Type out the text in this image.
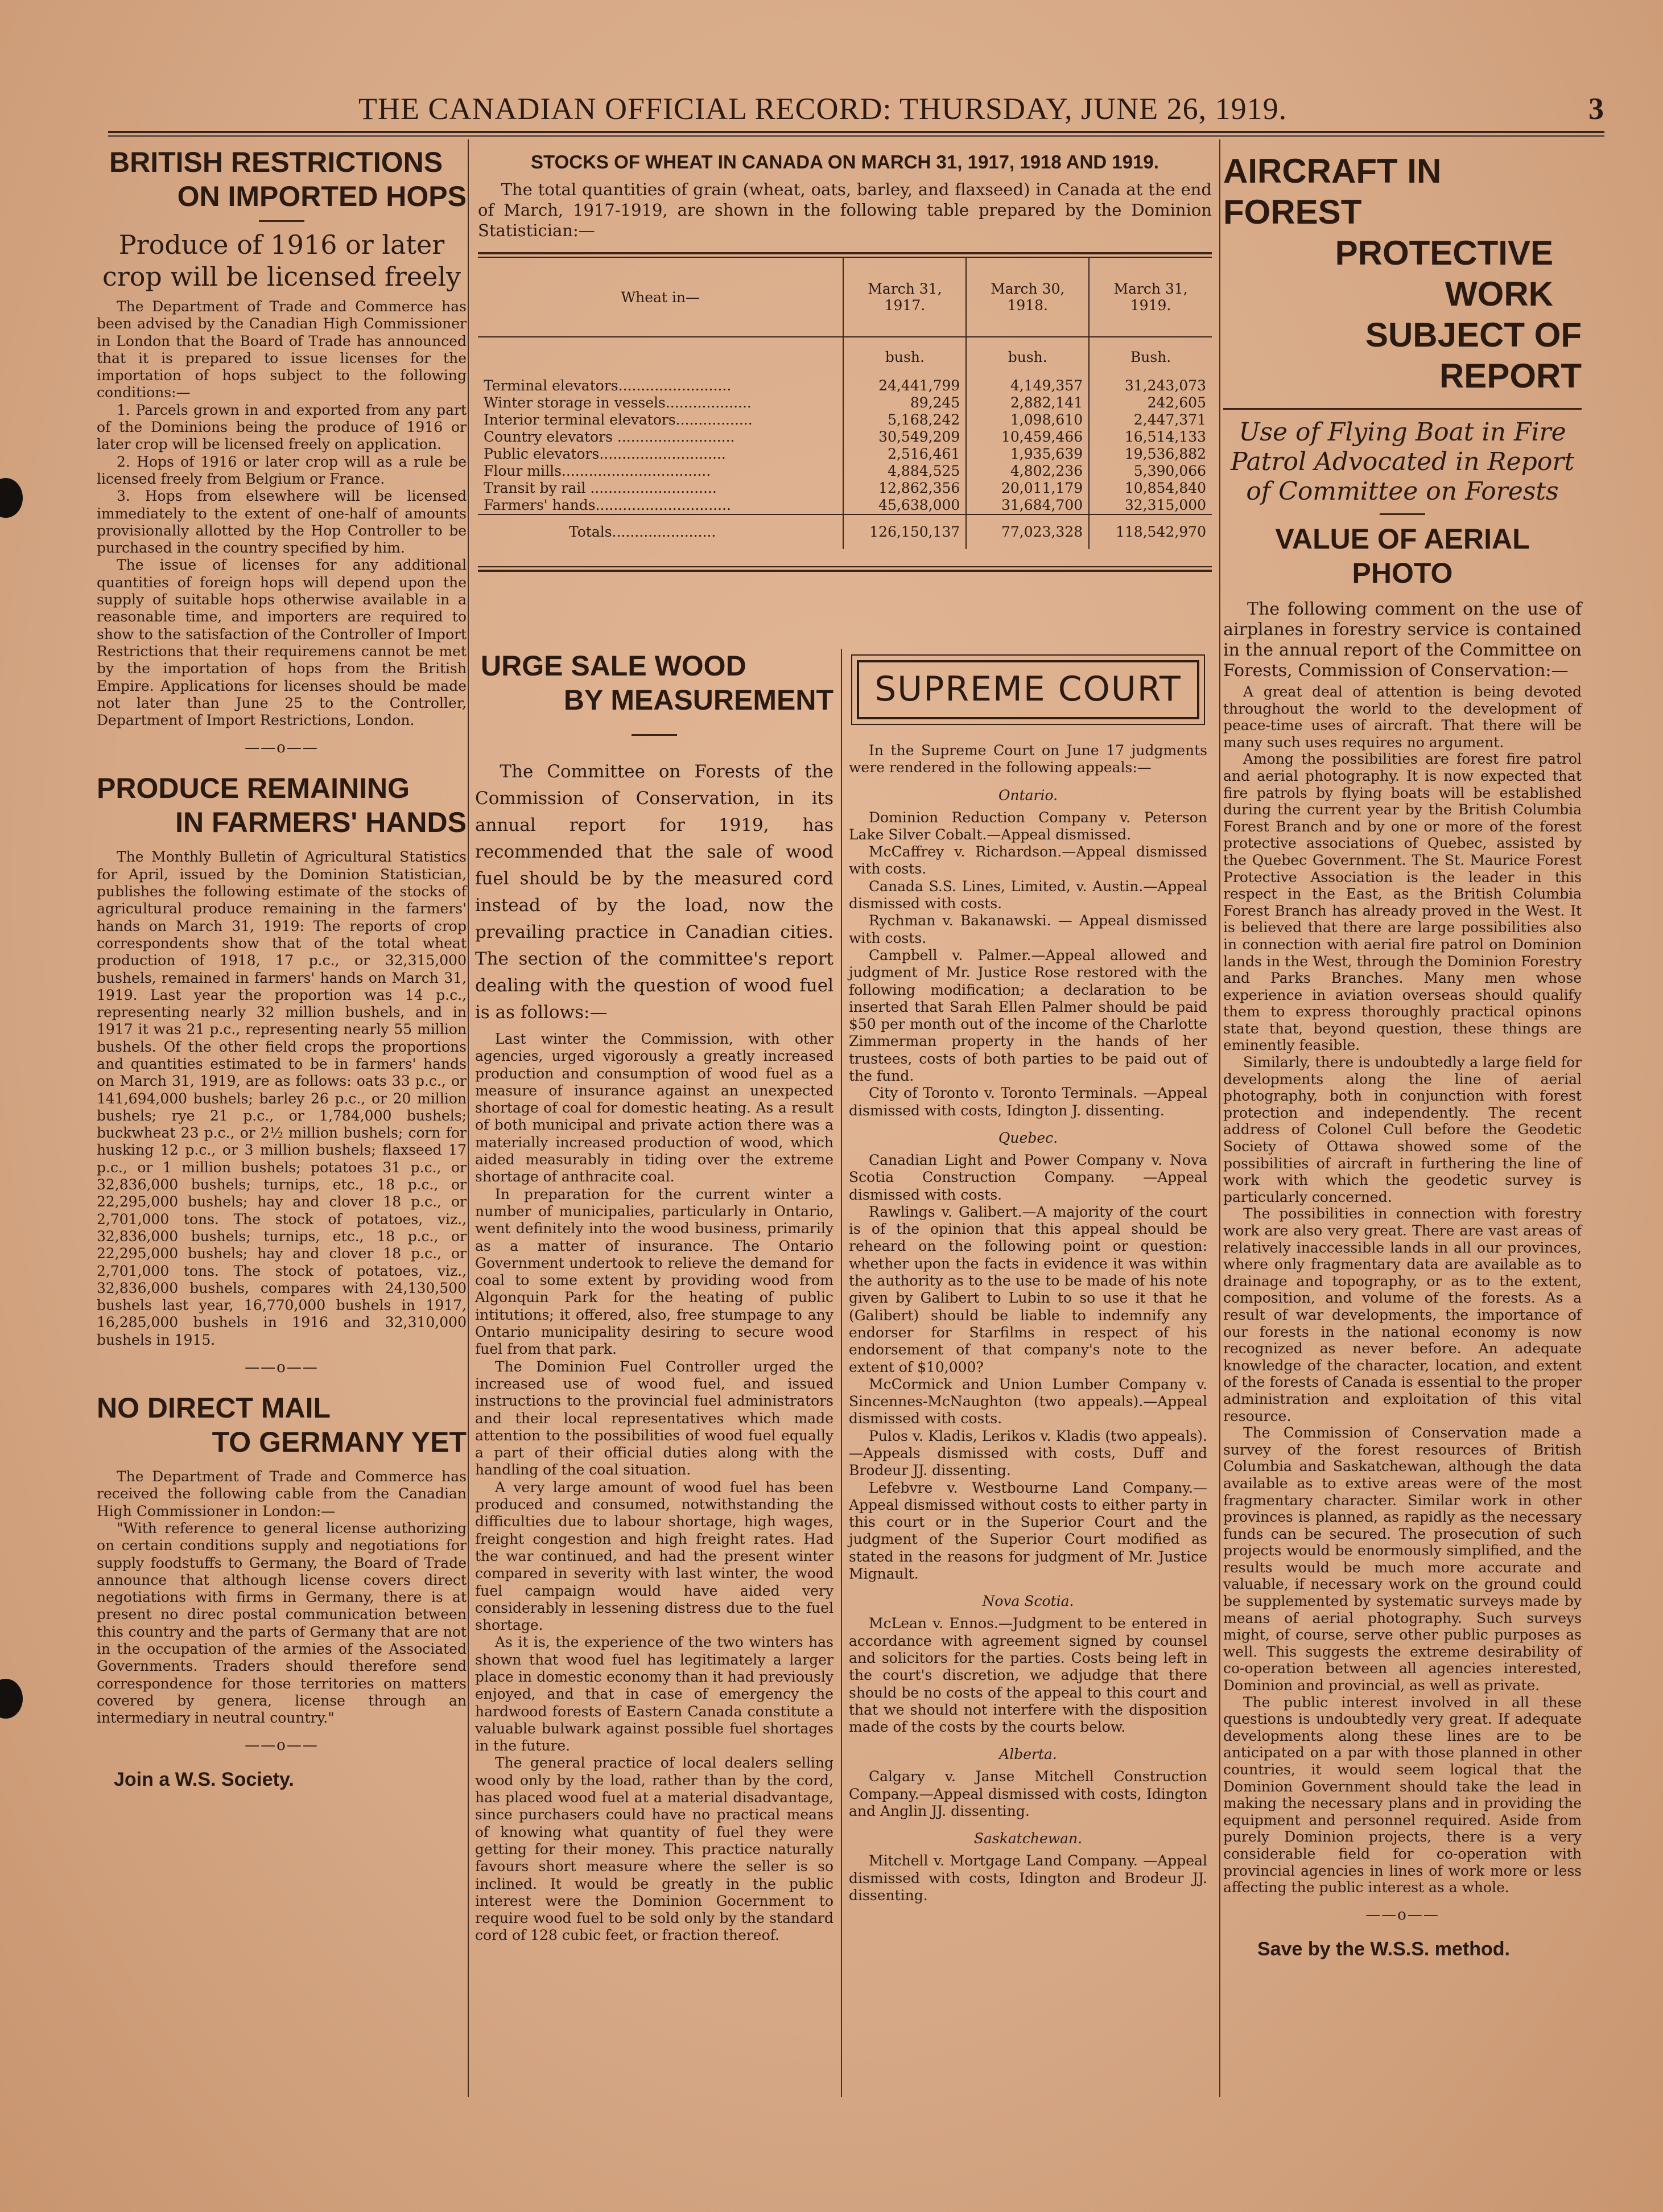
THE CANADIAN OFFICIAL RECORD: THURSDAY, JUNE 26, 1919.	3
BRITISH RESTRICTIONS
ON IMPORTED HOPS
Produce of 1916 or later crop will be licensed freely

The Department of Trade and Commerce has been advised by the Canadian High Commissioner in London that the Board of Trade has announced that it is prepared to issue licenses for the importation of hops subject to the following conditions:—

1. Parcels grown in and exported from any part of the Dominions being the produce of 1916 or later crop will be licensed freely on application.

2. Hops of 1916 or later crop will as a rule be licensed freely from Belgium or France.

3. Hops from elsewhere will be licensed immediately to the extent of one-half of amounts provisionally allotted by the Hop Controller to be purchased in the country specified by him.

The issue of licenses for any additional quantities of foreign hops will depend upon the supply of suitable hops otherwise available in a reasonable time, and importers are required to show to the satisfaction of the Controller of Import Restrictions that their requiremens cannot be met by the importation of hops from the British Empire. Applications for licenses should be made not later than June 25 to the Controller, Department of Import Restrictions, London.

——o——
PRODUCE REMAINING
IN FARMERS' HANDS

The Monthly Bulletin of Agricultural Statistics for April, issued by the Dominion Statistician, publishes the following estimate of the stocks of agricultural produce remaining in the farmers' hands on March 31, 1919: The reports of crop correspondents show that of the total wheat production of 1918, 17 p.c., or 32,315,000 bushels, remained in farmers' hands on March 31, 1919. Last year the proportion was 14 p.c., representing nearly 32 million bushels, and in 1917 it was 21 p.c., representing nearly 55 million bushels. Of the other field crops the proportions and quantities estimated to be in farmers' hands on March 31, 1919, are as follows: oats 33 p.c., or 141,694,000 bushels; barley 26 p.c., or 20 million bushels; rye 21 p.c., or 1,784,000 bushels; buckwheat 23 p.c., or 2½ million bushels; corn for husking 12 p.c., or 3 million bushels; flaxseed 17 p.c., or 1 million bushels; potatoes 31 p.c., or 32,836,000 bushels; turnips, etc., 18 p.c., or 22,295,000 bushels; hay and clover 18 p.c., or 2,701,000 tons. The stock of potatoes, viz., 32,836,000 bushels; turnips, etc., 18 p.c., or 22,295,000 bushels; hay and clover 18 p.c., or 2,701,000 tons. The stock of potatoes, viz., 32,836,000 bushels, compares with 24,130,500 bushels last year, 16,770,000 bushels in 1917, 16,285,000 bushels in 1916 and 32,310,000 bushels in 1915.

——o——
NO DIRECT MAIL
TO GERMANY YET

The Department of Trade and Commerce has received the following cable from the Canadian High Commissioner in London:—

"With reference to general license authorizing on certain conditions supply and negotiations for supply foodstuffs to Germany, the Board of Trade announce that although license covers direct negotiations with firms in Germany, there is at present no direc postal communication between this country and the parts of Germany that are not in the occupation of the armies of the Associated Governments. Traders should therefore send correspondence for those territories on matters covered by genera, license through an intermediary in neutral country."

——o——
Join a W.S. Society.
STOCKS OF WHEAT IN CANADA ON MARCH 31, 1917, 1918 AND 1919.

The total quantities of grain (wheat, oats, barley, and flaxseed) in Canada at the end of March, 1917-1919, are shown in the following table prepared by the Dominion Statistician:—

Wheat in—	March 31, 1917.	March 30, 1918.	March 31, 1919.
	bush.	bush.	Bush.
Terminal elevators.........................	24,441,799	4,149,357	31,243,073
Winter storage in vessels...................	89,245	2,882,141	242,605
Interior terminal elevators.................	5,168,242	1,098,610	2,447,371
Country elevators ..........................	30,549,209	10,459,466	16,514,133
Public elevators............................	2,516,461	1,935,639	19,536,882
Flour mills.................................	4,884,525	4,802,236	5,390,066
Transit by rail ............................	12,862,356	20,011,179	10,854,840
Farmers' hands..............................	45,638,000	31,684,700	32,315,000
Totals.......................	126,150,137	77,023,328	118,542,970
URGE SALE WOOD
BY MEASUREMENT

The Committee on Forests of the Commission of Conservation, in its annual report for 1919, has recommended that the sale of wood fuel should be by the measured cord instead of by the load, now the prevailing practice in Canadian cities. The section of the committee's report dealing with the question of wood fuel is as follows:—

Last winter the Commission, with other agencies, urged vigorously a greatly increased production and consumption of wood fuel as a measure of insurance against an unexpected shortage of coal for domestic heating. As a result of both municipal and private action there was a materially increased production of wood, which aided measurably in tiding over the extreme shortage of anthracite coal.

In preparation for the current winter a number of municipalies, particularly in Ontario, went definitely into the wood business, primarily as a matter of insurance. The Ontario Government undertook to relieve the demand for coal to some extent by providing wood from Algonquin Park for the heating of public intitutions; it offered, also, free stumpage to any Ontario municipality desiring to secure wood fuel from that park.

The Dominion Fuel Controller urged the increased use of wood fuel, and issued instructions to the provincial fuel administrators and their local representatives which made attention to the possibilities of wood fuel equally a part of their official duties along with the handling of the coal situation.

A very large amount of wood fuel has been produced and consumed, notwithstanding the difficulties due to labour shortage, high wages, freight congestion and high freight rates. Had the war continued, and had the present winter compared in severity with last winter, the wood fuel campaign would have aided very considerably in lessening distress due to the fuel shortage.

As it is, the experience of the two winters has shown that wood fuel has legitimately a larger place in domestic economy than it had previously enjoyed, and that in case of emergency the hardwood forests of Eastern Canada constitute a valuable bulwark against possible fuel shortages in the future.

The general practice of local dealers selling wood only by the load, rather than by the cord, has placed wood fuel at a material disadvantage, since purchasers could have no practical means of knowing what quantity of fuel they were getting for their money. This practice naturally favours short measure where the seller is so inclined. It would be greatly in the public interest were the Dominion Gocernment to require wood fuel to be sold only by the standard cord of 128 cubic feet, or fraction thereof.

SUPREME COURT

In the Supreme Court on June 17 judgments were rendered in the following appeals:—

Ontario.

Dominion Reduction Company v. Peterson Lake Silver Cobalt.—Appeal dismissed.

McCaffrey v. Richardson.—Appeal dismissed with costs.

Canada S.S. Lines, Limited, v. Austin.—Appeal dismissed with costs.

Rychman v. Bakanawski. — Appeal dismissed with costs.

Campbell v. Palmer.—Appeal allowed and judgment of Mr. Justice Rose restored with the following modification; a declaration to be inserted that Sarah Ellen Palmer should be paid $50 per month out of the income of the Charlotte Zimmerman property in the hands of her trustees, costs of both parties to be paid out of the fund.

City of Toronto v. Toronto Terminals. —Appeal dismissed with costs, Idington J. dissenting.

Quebec.

Canadian Light and Power Company v. Nova Scotia Construction Company. —Appeal dismissed with costs.

Rawlings v. Galibert.—A majority of the court is of the opinion that this appeal should be reheard on the following point or question: whether upon the facts in evidence it was within the authority as to the use to be made of his note given by Galibert to Lubin to so use it that he (Galibert) should be liable to indemnify any endorser for Starfilms in respect of his endorsement of that company's note to the extent of $10,000?

McCormick and Union Lumber Company v. Sincennes-McNaughton (two appeals).—Appeal dismissed with costs.

Pulos v. Kladis, Lerikos v. Kladis (two appeals).—Appeals dismissed with costs, Duff and Brodeur JJ. dissenting.

Lefebvre v. Westbourne Land Company.—Appeal dismissed without costs to either party in this court or in the Superior Court and the judgment of the Superior Court modified as stated in the reasons for judgment of Mr. Justice Mignault.

Nova Scotia.

McLean v. Ennos.—Judgment to be entered in accordance with agreement signed by counsel and solicitors for the parties. Costs being left in the court's discretion, we adjudge that there should be no costs of the appeal to this court and that we should not interfere with the disposition made of the costs by the courts below.

Alberta.

Calgary v. Janse Mitchell Construction Company.—Appeal dismissed with costs, Idington and Anglin JJ. dissenting.

Saskatchewan.

Mitchell v. Mortgage Land Company. —Appeal dismissed with costs, Idington and Brodeur JJ. dissenting.

AIRCRAFT IN FOREST
PROTECTIVE WORK
SUBJECT OF REPORT
Use of Flying Boat in Fire Patrol Advocated in Report of Committee on Forests
VALUE OF AERIAL PHOTO

The following comment on the use of airplanes in forestry service is contained in the annual report of the Committee on Forests, Commission of Conservation:—

A great deal of attention is being devoted throughout the world to the development of peace-time uses of aircraft. That there will be many such uses requires no argument.

Among the possibilities are forest fire patrol and aerial photography. It is now expected that fire patrols by flying boats will be established during the current year by the British Columbia Forest Branch and by one or more of the forest protective associations of Quebec, assisted by the Quebec Government. The St. Maurice Forest Protective Association is the leader in this respect in the East, as the British Columbia Forest Branch has already proved in the West. It is believed that there are large possibilities also in connection with aerial fire patrol on Dominion lands in the West, through the Dominion Forestry and Parks Branches. Many men whose experience in aviation overseas should qualify them to express thoroughly practical opinons state that, beyond question, these things are eminently feasible.

Similarly, there is undoubtedly a large field for developments along the line of aerial photography, both in conjunction with forest protection and independently. The recent address of Colonel Cull before the Geodetic Society of Ottawa showed some of the possibilities of aircraft in furthering the line of work with which the geodetic survey is particularly concerned.

The possibilities in connection with forestry work are also very great. There are vast areas of relatively inaccessible lands in all our provinces, where only fragmentary data are available as to drainage and topography, or as to the extent, composition, and volume of the forests. As a result of war developments, the importance of our forests in the national economy is now recognized as never before. An adequate knowledge of the character, location, and extent of the forests of Canada is essential to the proper administration and exploitation of this vital resource.

The Commission of Conservation made a survey of the forest resources of British Columbia and Saskatchewan, although the data available as to extive areas were of the most fragmentary character. Similar work in other provinces is planned, as rapidly as the necessary funds can be secured. The prosecution of such projects would be enormously simplified, and the results would be much more accurate and valuable, if necessary work on the ground could be supplemented by systematic surveys made by means of aerial photography. Such surveys might, of course, serve other public purposes as well. This suggests the extreme desirability of co-operation between all agencies interested, Dominion and provincial, as well as private.

The public interest involved in all these questions is undoubtedly very great. If adequate developments along these lines are to be anticipated on a par with those planned in other countries, it would seem logical that the Dominion Government should take the lead in making the necessary plans and in providing the equipment and personnel required. Aside from purely Dominion projects, there is a very considerable field for co-operation with provincial agencies in lines of work more or less affecting the public interest as a whole.

——o——
Save by the W.S.S. method.
